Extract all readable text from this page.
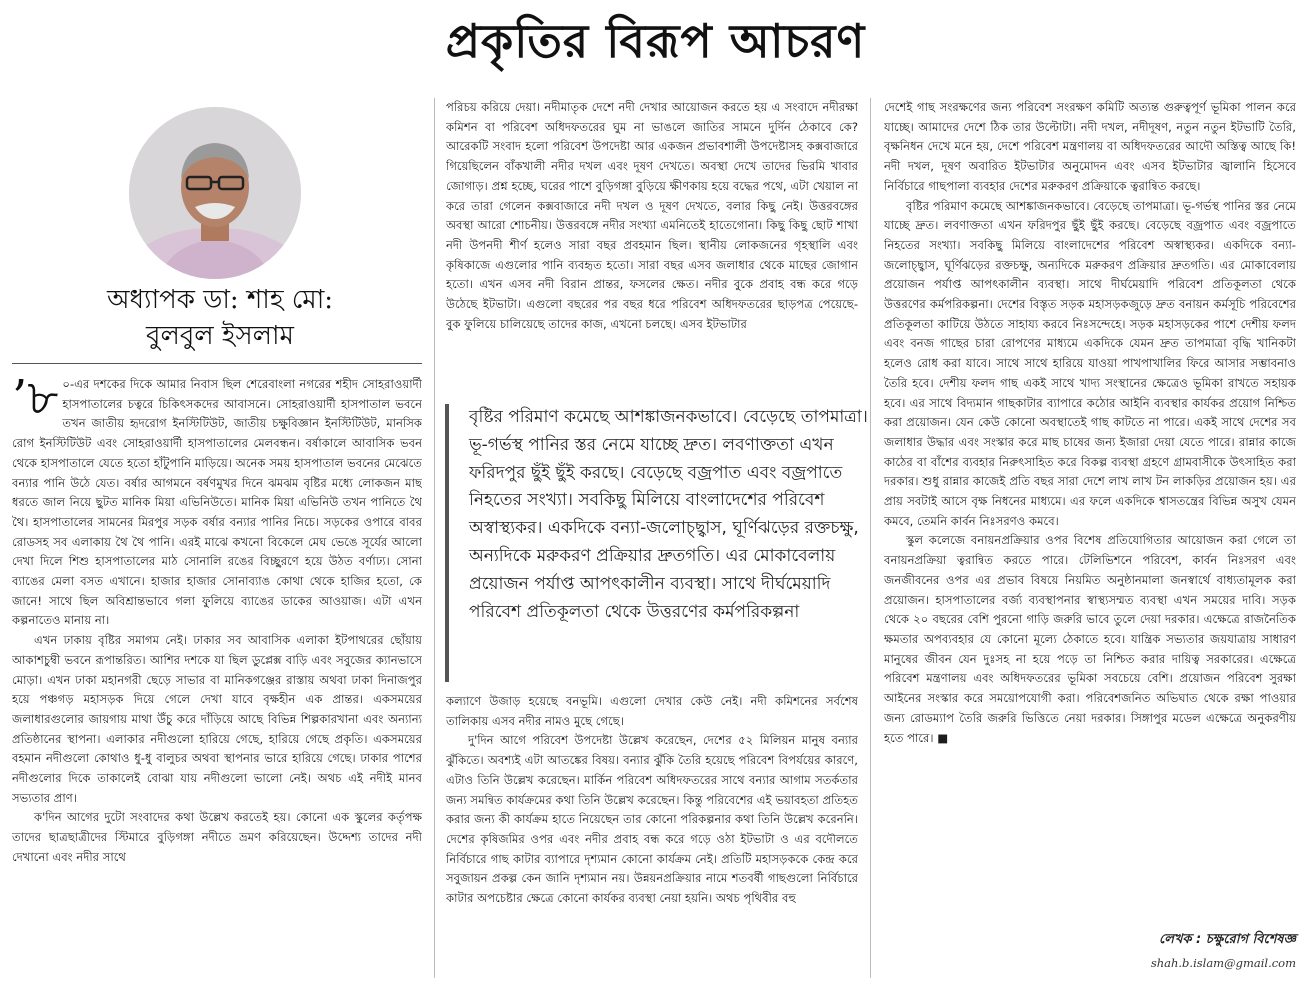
প্রকৃতির বিরূপ আচরণ
অধ্যাপক ডা: শাহ মো:
বুলবুল ইসলাম

’৮ ০-এর দশকের দিকে আমার নিবাস ছিল শেরেবাংলা নগরের শহীদ সোহরাওয়ার্দী হাসপাতালের চত্বরে চিকিৎসকদের আবাসনে। সোহরাওয়ার্দী হাসপাতাল ভবনে তখন জাতীয় হৃদরোগ ইনস্টিটিউট, জাতীয় চক্ষুবিজ্ঞান ইনস্টিটিউট, মানসিক রোগ ইনস্টিটিউট এবং সোহরাওয়ার্দী হাসপাতালের মেলবন্ধন। বর্ষাকালে আবাসিক ভবন থেকে হাসপাতালে যেতে হতো হাঁটুপানি মাড়িয়ে। অনেক সময় হাসপাতাল ভবনের মেঝেতে বন্যার পানি উঠে যেত। বর্ষার আগমনে বর্ষণমুখর দিনে ঝমঝম বৃষ্টির মধ্যে লোকজন মাছ ধরতে জাল নিয়ে ছুটত মানিক মিয়া এভিনিউতে। মানিক মিয়া এভিনিউ তখন পানিতে থৈ থৈ। হাসপাতালের সামনের মিরপুর সড়ক বর্ষার বন্যার পানির নিচে। সড়কের ওপারে বাবর রোডসহ সব এলাকায় থৈ থৈ পানি। এরই মাঝে কখনো বিকেলে মেঘ ভেঙে সূর্যের আলো দেখা দিলে শিশু হাসপাতালের মাঠ সোনালি রঙের বিচ্ছুরণে হয়ে উঠত বর্ণাঢ্য। সোনা ব্যাঙের মেলা বসত এখানে। হাজার হাজার সোনাব্যাঙ কোথা থেকে হাজির হতো, কে জানে! সাথে ছিল অবিশ্রান্তভাবে গলা ফুলিয়ে ব্যাঙের ডাকের আওয়াজ। এটা এখন কল্পনাতেও মানায় না।

এখন ঢাকায় বৃষ্টির সমাগম নেই। ঢাকার সব আবাসিক এলাকা ইটপাথরের ছোঁয়ায় আকাশচুম্বী ভবনে রূপান্তরিত। আশির দশকে যা ছিল ডুপ্লেক্স বাড়ি এবং সবুজের ক্যানভাসে মোড়া। এখন ঢাকা মহানগরী ছেড়ে সাভার বা মানিকগঞ্জের রাস্তায় অথবা ঢাকা দিনাজপুর হয়ে পঞ্চগড় মহাসড়ক দিয়ে গেলে দেখা যাবে বৃক্ষহীন এক প্রান্তর। একসময়ের জলাধারগুলোর জায়গায় মাথা উঁচু করে দাঁড়িয়ে আছে বিভিন্ন শিল্পকারখানা এবং অন্যান্য প্রতিষ্ঠানের স্থাপনা। এলাকার নদীগুলো হারিয়ে গেছে, হারিয়ে গেছে প্রকৃতি। একসময়ের বহমান নদীগুলো কোথাও ধু-ধু বালুচর অথবা স্থাপনার ভারে হারিয়ে গেছে। ঢাকার পাশের নদীগুলোর দিকে তাকালেই বোঝা যায় নদীগুলো ভালো নেই। অথচ এই নদীই মানব সভ্যতার প্রাণ।

ক'দিন আগের দুটো সংবাদের কথা উল্লেখ করতেই হয়। কোনো এক স্কুলের কর্তৃপক্ষ তাদের ছাত্রছাত্রীদের স্টিমারে বুড়িগঙ্গা নদীতে ভ্রমণ করিয়েছেন। উদ্দেশ্য তাদের নদী দেখানো এবং নদীর সাথে

পরিচয় করিয়ে দেয়া। নদীমাতৃক দেশে নদী দেখার আয়োজন করতে হয় এ সংবাদে নদীরক্ষা কমিশন বা পরিবেশ অধিদফতরের ঘুম না ভাঙলে জাতির সামনে দুর্দিন ঠেকাবে কে? আরেকটি সংবাদ হলো পরিবেশ উপদেষ্টা আর একজন প্রভাবশালী উপদেষ্টাসহ কক্সবাজারে গিয়েছিলেন বাঁকখালী নদীর দখল এবং দূষণ দেখতে। অবস্থা দেখে তাদের ভিরমি খাবার জোগাড়। প্রশ্ন হচ্ছে, ঘরের পাশে বুড়িগঙ্গা বুড়িয়ে ক্ষীণকায় হয়ে বদ্ধের পথে, এটা খেয়াল না করে তারা গেলেন কক্সবাজারে নদী দখল ও দূষণ দেখতে, বলার কিছু নেই। উত্তরবঙ্গের অবস্থা আরো শোচনীয়। উত্তরবঙ্গে নদীর সংখ্যা এমনিতেই হাতেগোনা। কিছু কিছু ছোট শাখা নদী উপনদী শীর্ণ হলেও সারা বছর প্রবহমান ছিল। স্থানীয় লোকজনের গৃহস্থালি এবং কৃষিকাজে এগুলোর পানি ব্যবহৃত হতো। সারা বছর এসব জলাধার থেকে মাছের জোগান হতো। এখন এসব নদী বিরান প্রান্তর, ফসলের ক্ষেত। নদীর বুকে প্রবাহ বন্ধ করে গড়ে উঠেছে ইটভাটা। এগুলো বছরের পর বছর ধরে পরিবেশ অধিদফতরের ছাড়পত্র পেয়েছে- বুক ফুলিয়ে চালিয়েছে তাদের কাজ, এখনো চলছে। এসব ইটভাটার

বৃষ্টির পরিমাণ কমেছে আশঙ্কাজনকভাবে। বেড়েছে তাপমাত্রা। ভূ-গর্ভস্থ পানির স্তর নেমে যাচ্ছে দ্রুত। লবণাক্ততা এখন ফরিদপুর ছুঁই ছুঁই করছে। বেড়েছে বজ্রপাত এবং বজ্রপাতে নিহতের সংখ্যা। সবকিছু মিলিয়ে বাংলাদেশের পরিবেশ অস্বাস্থ্যকর। একদিকে বন্যা-জলোচ্ছ্বাস, ঘূর্ণিঝড়ের রক্তচক্ষু, অন্যদিকে মরুকরণ প্রক্রিয়ার দ্রুতগতি। এর মোকাবেলায় প্রয়োজন পর্যাপ্ত আপৎকালীন ব্যবস্থা। সাথে দীর্ঘমেয়াদি পরিবেশ প্রতিকূলতা থেকে উত্তরণের কর্মপরিকল্পনা

কল্যাণে উজাড় হয়েছে বনভূমি। এগুলো দেখার কেউ নেই। নদী কমিশনের সর্বশেষ তালিকায় এসব নদীর নামও মুছে গেছে।

দু'দিন আগে পরিবেশ উপদেষ্টা উল্লেখ করেছেন, দেশের ৫২ মিলিয়ন মানুষ বন্যার ঝুঁকিতে। অবশ্যই এটা আতঙ্কের বিষয়। বন্যার ঝুঁকি তৈরি হয়েছে পরিবেশ বিপর্যয়ের কারণে, এটাও তিনি উল্লেখ করেছেন। মার্কিন পরিবেশ অধিদফতরের সাথে বন্যার আগাম সতর্কতার জন্য সমন্বিত কার্যক্রমের কথা তিনি উল্লেখ করেছেন। কিন্তু পরিবেশের এই ভয়াবহতা প্রতিহত করার জন্য কী কার্যক্রম হাতে নিয়েছেন তার কোনো পরিকল্পনার কথা তিনি উল্লেখ করেননি। দেশের কৃষিজমির ওপর এবং নদীর প্রবাহ বন্ধ করে গড়ে ওঠা ইটভাটা ও এর বদৌলতে নির্বিচারে গাছ কাটার ব্যাপারে দৃশ্যমান কোনো কার্যক্রম নেই। প্রতিটি মহাসড়ককে কেন্দ্র করে সবুজায়ন প্রকল্প কেন জানি দৃশ্যমান নয়। উন্নয়নপ্রক্রিয়ার নামে শতবর্ষী গাছগুলো নির্বিচারে কাটার অপচেষ্টার ক্ষেত্রে কোনো কার্যকর ব্যবস্থা নেয়া হয়নি। অথচ পৃথিবীর বহু

দেশেই গাছ সংরক্ষণের জন্য পরিবেশ সংরক্ষণ কমিটি অত্যন্ত গুরুত্বপূর্ণ ভূমিকা পালন করে যাচ্ছে। আমাদের দেশে ঠিক তার উল্টোটা। নদী দখল, নদীদূষণ, নতুন নতুন ইটভাটি তৈরি, বৃক্ষনিধন দেখে মনে হয়, দেশে পরিবেশ মন্ত্রণালয় বা অধিদফতরের আদৌ অস্তিত্ব আছে কি! নদী দখল, দূষণ অবারিত ইটভাটার অনুমোদন এবং এসব ইটভাটার জ্বালানি হিসেবে নির্বিচারে গাছপালা ব্যবহার দেশের মরুকরণ প্রক্রিয়াকে ত্বরান্বিত করছে।

বৃষ্টির পরিমাণ কমেছে আশঙ্কাজনকভাবে। বেড়েছে তাপমাত্রা। ভূ-গর্ভস্থ পানির স্তর নেমে যাচ্ছে দ্রুত। লবণাক্ততা এখন ফরিদপুর ছুঁই ছুঁই করছে। বেড়েছে বজ্রপাত এবং বজ্রপাতে নিহতের সংখ্যা। সবকিছু মিলিয়ে বাংলাদেশের পরিবেশ অস্বাস্থ্যকর। একদিকে বন্যা-জলোচ্ছ্বাস, ঘূর্ণিঝড়ের রক্তচক্ষু, অন্যদিকে মরুকরণ প্রক্রিয়ার দ্রুতগতি। এর মোকাবেলায় প্রয়োজন পর্যাপ্ত আপৎকালীন ব্যবস্থা। সাথে দীর্ঘমেয়াদি পরিবেশ প্রতিকূলতা থেকে উত্তরণের কর্মপরিকল্পনা। দেশের বিস্তৃত সড়ক মহাসড়কজুড়ে দ্রুত বনায়ন কর্মসূচি পরিবেশের প্রতিকূলতা কাটিয়ে উঠতে সাহায্য করবে নিঃসন্দেহে। সড়ক মহাসড়কের পাশে দেশীয় ফলদ এবং বনজ গাছের চারা রোপণের মাধ্যমে একদিকে যেমন দ্রুত তাপমাত্রা বৃদ্ধি খানিকটা হলেও রোধ করা যাবে। সাথে সাথে হারিয়ে যাওয়া পাখপাখালির ফিরে আসার সম্ভাবনাও তৈরি হবে। দেশীয় ফলদ গাছ একই সাথে খাদ্য সংস্থানের ক্ষেত্রেও ভূমিকা রাখতে সহায়ক হবে। এর সাথে বিদ্যমান গাছকাটার ব্যাপারে কঠোর আইনি ব্যবস্থার কার্যকর প্রয়োগ নিশ্চিত করা প্রয়োজন। যেন কেউ কোনো অবস্থাতেই গাছ কাটতে না পারে। একই সাথে দেশের সব জলাধার উদ্ধার এবং সংস্কার করে মাছ চাষের জন্য ইজারা দেয়া যেতে পারে। রান্নার কাজে কাঠের বা বাঁশের ব্যবহার নিরুৎসাহিত করে বিকল্প ব্যবস্থা গ্রহণে গ্রামবাসীকে উৎসাহিত করা দরকার। শুধু রান্নার কাজেই প্রতি বছর সারা দেশে লাখ লাখ টন লাকড়ির প্রয়োজন হয়। এর প্রায় সবটাই আসে বৃক্ষ নিধনের মাধ্যমে। এর ফলে একদিকে শ্বাসতন্ত্রের বিভিন্ন অসুখ যেমন কমবে, তেমনি কার্বন নিঃসরণও কমবে।

স্কুল কলেজে বনায়নপ্রক্রিয়ার ওপর বিশেষ প্রতিযোগিতার আয়োজন করা গেলে তা বনায়নপ্রক্রিয়া ত্বরান্বিত করতে পারে। টেলিভিশনে পরিবেশ, কার্বন নিঃসরণ এবং জনজীবনের ওপর এর প্রভাব বিষয়ে নিয়মিত অনুষ্ঠানমালা জনস্বার্থে বাধ্যতামূলক করা প্রয়োজন। হাসপাতালের বর্জ্য ব্যবস্থাপনার স্বাস্থ্যসম্মত ব্যবস্থা এখন সময়ের দাবি। সড়ক থেকে ২০ বছরের বেশি পুরনো গাড়ি জরুরি ভাবে তুলে দেয়া দরকার। এক্ষেত্রে রাজনৈতিক ক্ষমতার অপব্যবহার যে কোনো মূল্যে ঠেকাতে হবে। যান্ত্রিক সভ্যতার জয়যাত্রায় সাধারণ মানুষের জীবন যেন দুঃসহ না হয়ে পড়ে তা নিশ্চিত করার দায়িত্ব সরকারের। এক্ষেত্রে পরিবেশ মন্ত্রণালয় এবং অধিদফতরের ভূমিকা সবচেয়ে বেশি। প্রয়োজন পরিবেশ সুরক্ষা আইনের সংস্কার করে সময়োপযোগী করা। পরিবেশজনিত অভিঘাত থেকে রক্ষা পাওয়ার জন্য রোডম্যাপ তৈরি জরুরি ভিত্তিতে নেয়া দরকার। সিঙ্গাপুর মডেল এক্ষেত্রে অনুকরণীয় হতে পারে। ■

লেখক : চক্ষুরোগ বিশেষজ্ঞ
shah.b.islam@gmail.com
